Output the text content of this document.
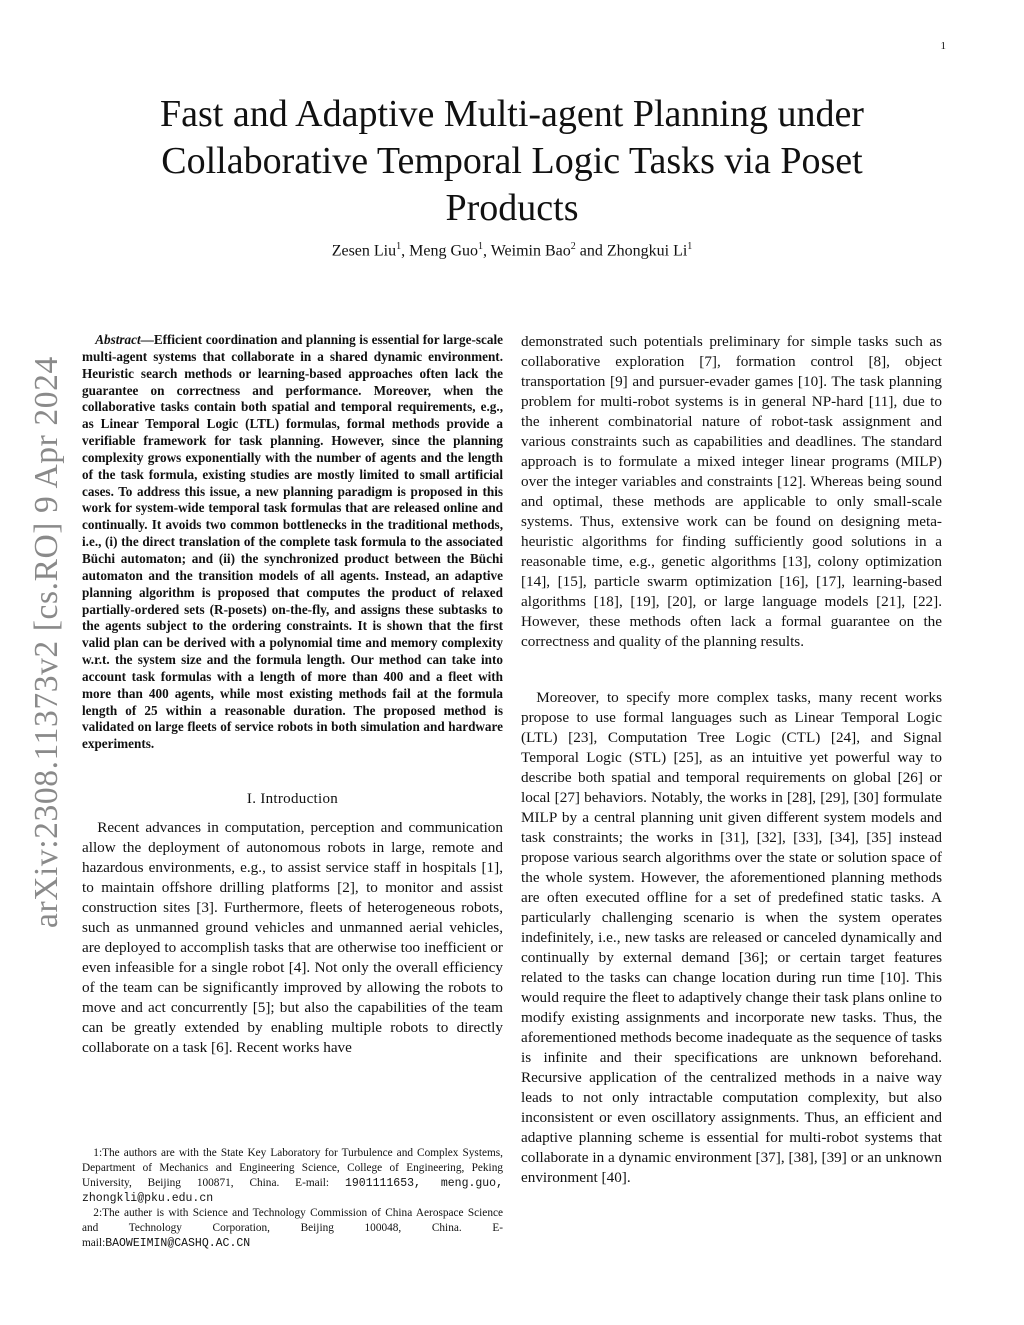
1
arXiv:2308.11373v2 [cs.RO] 9 Apr 2024
Fast and Adaptive Multi-agent Planning under Collaborative Temporal Logic Tasks via Poset Products
Zesen Liu$^1$, Meng Guo$^1$, Weimin Bao$^2$ and Zhongkui Li$^1$

Abstract—Efficient coordination and planning is essential for large-scale multi-agent systems that collaborate in a shared dynamic environment. Heuristic search methods or learning-based approaches often lack the guarantee on correctness and performance. Moreover, when the collaborative tasks contain both spatial and temporal requirements, e.g., as Linear Temporal Logic (LTL) formulas, formal methods provide a verifiable framework for task planning. However, since the planning complexity grows exponentially with the number of agents and the length of the task formula, existing studies are mostly limited to small artificial cases. To address this issue, a new planning paradigm is proposed in this work for system-wide temporal task formulas that are released online and continually. It avoids two common bottlenecks in the traditional methods, i.e., (i) the direct translation of the complete task formula to the associated Büchi automaton; and (ii) the synchronized product between the Büchi automaton and the transition models of all agents. Instead, an adaptive planning algorithm is proposed that computes the product of relaxed partially-ordered sets (R-posets) on-the-fly, and assigns these subtasks to the agents subject to the ordering constraints. It is shown that the first valid plan can be derived with a polynomial time and memory complexity w.r.t. the system size and the formula length. Our method can take into account task formulas with a length of more than 400 and a fleet with more than 400 agents, while most existing methods fail at the formula length of 25 within a reasonable duration. The proposed method is validated on large fleets of service robots in both simulation and hardware experiments.

I. Introduction

Recent advances in computation, perception and communication allow the deployment of autonomous robots in large, remote and hazardous environments, e.g., to assist service staff in hospitals [1], to maintain offshore drilling platforms [2], to monitor and assist construction sites [3]. Furthermore, fleets of heterogeneous robots, such as unmanned ground vehicles and unmanned aerial vehicles, are deployed to accomplish tasks that are otherwise too inefficient or even infeasible for a single robot [4]. Not only the overall efficiency of the team can be significantly improved by allowing the robots to move and act concurrently [5]; but also the capabilities of the team can be greatly extended by enabling multiple robots to directly collaborate on a task [6]. Recent works have

demonstrated such potentials preliminary for simple tasks such as collaborative exploration [7], formation control [8], object transportation [9] and pursuer-evader games [10]. The task planning problem for multi-robot systems is in general NP-hard [11], due to the inherent combinatorial nature of robot-task assignment and various constraints such as capabilities and deadlines. The standard approach is to formulate a mixed integer linear programs (MILP) over the integer variables and constraints [12]. Whereas being sound and optimal, these methods are applicable to only small-scale systems. Thus, extensive work can be found on designing meta-heuristic algorithms for finding sufficiently good solutions in a reasonable time, e.g., genetic algorithms [13], colony optimization [14], [15], particle swarm optimization [16], [17], learning-based algorithms [18], [19], [20], or large language models [21], [22]. However, these methods often lack a formal guarantee on the correctness and quality of the planning results.

Moreover, to specify more complex tasks, many recent works propose to use formal languages such as Linear Temporal Logic (LTL) [23], Computation Tree Logic (CTL) [24], and Signal Temporal Logic (STL) [25], as an intuitive yet powerful way to describe both spatial and temporal requirements on global [26] or local [27] behaviors. Notably, the works in [28], [29], [30] formulate MILP by a central planning unit given different system models and task constraints; the works in [31], [32], [33], [34], [35] instead propose various search algorithms over the state or solution space of the whole system. However, the aforementioned planning methods are often executed offline for a set of predefined static tasks. A particularly challenging scenario is when the system operates indefinitely, i.e., new tasks are released or canceled dynamically and continually by external demand [36]; or certain target features related to the tasks can change location during run time [10]. This would require the fleet to adaptively change their task plans online to modify existing assignments and incorporate new tasks. Thus, the aforementioned methods become inadequate as the sequence of tasks is infinite and their specifications are unknown beforehand. Recursive application of the centralized methods in a naive way leads to not only intractable computation complexity, but also inconsistent or even oscillatory assignments. Thus, an efficient and adaptive planning scheme is essential for multi-robot systems that collaborate in a dynamic environment [37], [38], [39] or an unknown environment [40].

1:The authors are with the State Key Laboratory for Turbulence and Complex Systems, Department of Mechanics and Engineering Science, College of Engineering, Peking University, Beijing 100871, China. E-mail: 1901111653, meng.guo, zhongkli@pku.edu.cn

2:The auther is with Science and Technology Commission of China Aerospace Science and Technology Corporation, Beijing 100048, China. E-mail:BAOWEIMIN@CASHQ.AC.CN
